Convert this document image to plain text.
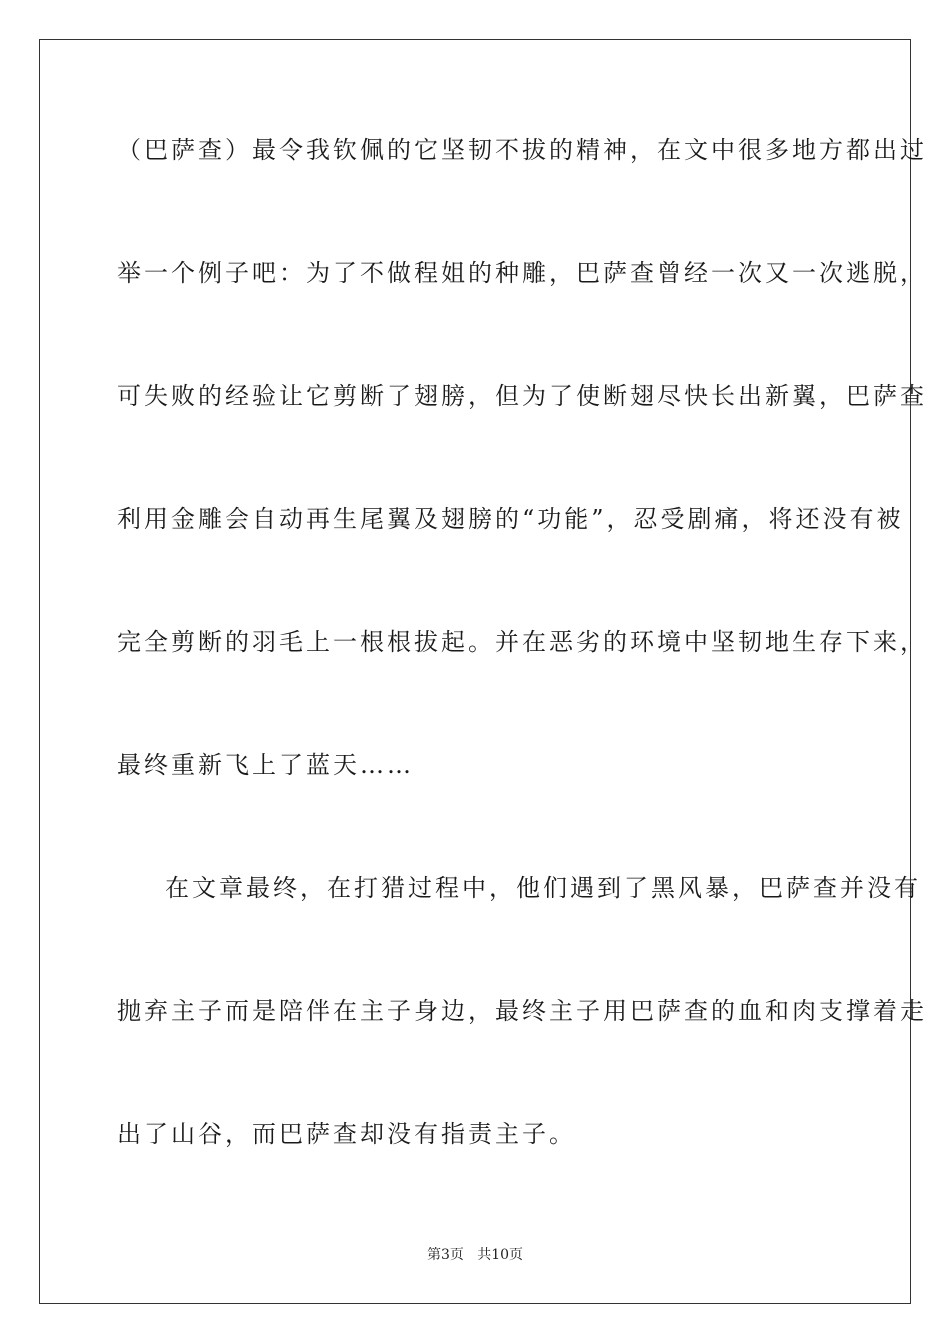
（巴萨查）最令我钦佩的它坚韧不拔的精神，在文中很多地方都出过

举一个例子吧：为了不做程姐的种雕，巴萨查曾经一次又一次逃脱，

可失败的经验让它剪断了翅膀，但为了使断翅尽快长出新翼，巴萨查

利用金雕会自动再生尾翼及翅膀的“功能”，忍受剧痛，将还没有被

完全剪断的羽毛上一根根拔起。并在恶劣的环境中坚韧地生存下来，

最终重新飞上了蓝天……

在文章最终，在打猎过程中，他们遇到了黑风暴，巴萨查并没有

抛弃主子而是陪伴在主子身边，最终主子用巴萨查的血和肉支撑着走

出了山谷，而巴萨查却没有指责主子。

第3页   共10页
